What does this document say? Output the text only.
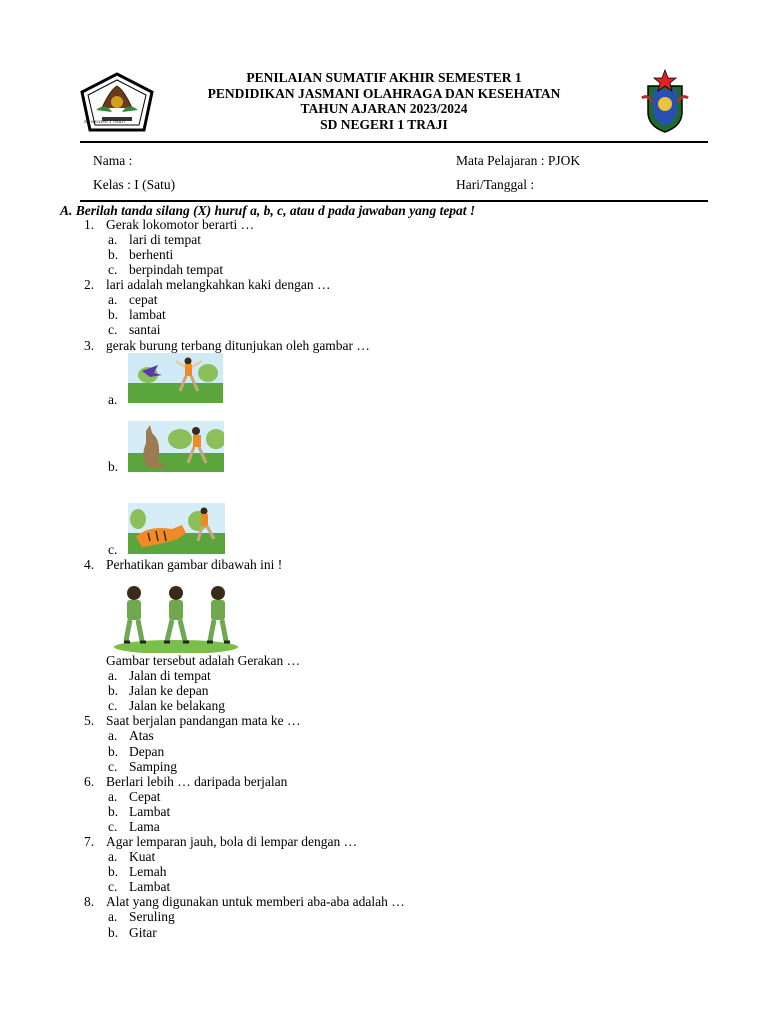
SD NEGERI 1 TRAJI
PENILAIAN SUMATIF AKHIR SEMESTER 1
PENDIDIKAN JASMANI OLAHRAGA DAN KESEHATAN
TAHUN AJARAN 2023/2024
SD NEGERI 1 TRAJI
Nama :	Mata Pelajaran : PJOK
Kelas : I (Satu)	Hari/Tanggal :
A. Berilah tanda silang (X) huruf a, b, c, atau d pada jawaban yang tepat !
1. Gerak lokomotor berarti …
a. lari di tempat
b. berhenti
c. berpindah tempat
2. lari adalah melangkahkan kaki dengan …
a. cepat
b. lambat
c. santai
3. gerak burung terbang ditunjukan oleh gambar …
a.
b.
c.
4. Perhatikan gambar dibawah ini !
Gambar tersebut adalah Gerakan …
a. Jalan di tempat
b. Jalan ke depan
c. Jalan ke belakang
5. Saat berjalan pandangan mata ke …
a. Atas
b. Depan
c. Samping
6. Berlari lebih … daripada berjalan
a. Cepat
b. Lambat
c. Lama
7. Agar lemparan jauh, bola di lempar dengan …
a. Kuat
b. Lemah
c. Lambat
8. Alat yang digunakan untuk memberi aba-aba adalah …
a. Seruling
b. Gitar
